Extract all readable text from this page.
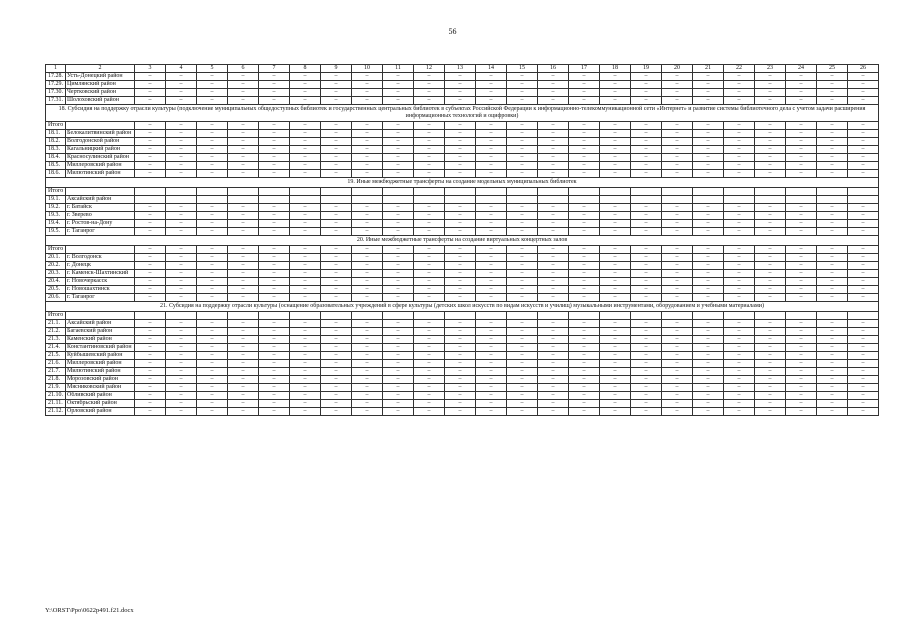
56
1	2	3	4	5	6	7	8	9	10	11	12	13	14	15	16	17	18	19	20	21	22	23	24	25	26
17.28.	Усть-Донецкий район	–	–	–	–	–	–	–	–	–	–	–	–	–	–	–	–	–	–	–	–	–	–	–	–
17.29.	Цимлянский район	–	–	–	–	–	–	–	–	–	–	–	–	–	–	–	–	–	–	–	–	–	–	–	–
17.30.	Чертковский район	–	–	–	–	–	–	–	–	–	–	–	–	–	–	–	–	–	–	–	–	–	–	–	–
17.31.	Шолоховский район	–	–	–	–	–	–	–	–	–	–	–	–	–	–	–	–	–	–	–	–	–	–	–	–
18. Субсидия на поддержку отрасли культуры (подключение муниципальных общедоступных библиотек и государственных центральных библиотек в субъектах Российской Федерации к информационно-телекоммуникационной сети «Интернет» и развитие системы библиотечного дела с учетом задачи расширения информационных технологий и оцифровки)																									
Итого		–	–	–	–	–	–	–	–	–	–	–	–	–	–	–	–	–	–	–	–	–	–	–	–
18.1.	Белокалитвинский район	–	–	–	–	–	–	–	–	–	–	–	–	–	–	–	–	–	–	–	–	–	–	–	–
18.2.	Волгодонской район	–	–	–	–	–	–	–	–	–	–	–	–	–	–	–	–	–	–	–	–	–	–	–	–
18.3.	Кагальницкий район	–	–	–	–	–	–	–	–	–	–	–	–	–	–	–	–	–	–	–	–	–	–	–	–
18.4.	Красносулинский район	–	–	–	–	–	–	–	–	–	–	–	–	–	–	–	–	–	–	–	–	–	–	–	–
18.5.	Миллеровский район	–	–	–	–	–	–	–	–	–	–	–	–	–	–	–	–	–	–	–	–	–	–	–	–
18.6.	Милютинский район	–	–	–	–	–	–	–	–	–	–	–	–	–	–	–	–	–	–	–	–	–	–	–	–
19. Иные межбюджетные трансферты на создание модельных муниципальных библиотек																									
Итого																									
19.1.	Аксайский район																								
19.2.	г. Батайск	–	–	–	–	–	–	–	–	–	–	–	–	–	–	–	–	–	–	–	–	–	–	–	–
19.3.	г. Зверево	–	–	–	–	–	–	–	–	–	–	–	–	–	–	–	–	–	–	–	–	–	–	–	–
19.4.	г. Ростов-на-Дону	–	–	–	–	–	–	–	–	–	–	–	–	–	–	–	–	–	–	–	–	–	–	–	–
19.5.	г. Таганрог	–	–	–	–	–	–	–	–	–	–	–	–	–	–	–	–	–	–	–	–	–	–	–	–
20. Иные межбюджетные трансферты на создание виртуальных концертных залов																									
Итого		–	–	–	–	–	–	–	–	–	–	–	–	–	–	–	–	–	–	–	–	–	–	–	–
20.1.	г. Волгодонск	–	–	–	–	–	–	–	–	–	–	–	–	–	–	–	–	–	–	–	–	–	–	–	–
20.2.	г. Донецк	–	–	–	–	–	–	–	–	–	–	–	–	–	–	–	–	–	–	–	–	–	–	–	–
20.3.	г. Каменск-Шахтинский	–	–	–	–	–	–	–	–	–	–	–	–	–	–	–	–	–	–	–	–	–	–	–	–
20.4.	г. Новочеркасск	–	–	–	–	–	–	–	–	–	–	–	–	–	–	–	–	–	–	–	–	–	–	–	–
20.5.	г. Новошахтинск	–	–	–	–	–	–	–	–	–	–	–	–	–	–	–	–	–	–	–	–	–	–	–	–
20.6.	г. Таганрог	–	–	–	–	–	–	–	–	–	–	–	–	–	–	–	–	–	–	–	–	–	–	–	–
21. Субсидия на поддержку отрасли культуры (оснащение образовательных учреждений в сфере культуры (детских школ искусств по видам искусств и училищ) музыкальными инструментами, оборудованием и учебными материалами)																									
Итого																									
21.1.	Аксайский район	–	–	–	–	–	–	–	–	–	–	–	–	–	–	–	–	–	–	–	–	–	–	–	–
21.2.	Багаевский район	–	–	–	–	–	–	–	–	–	–	–	–	–	–	–	–	–	–	–	–	–	–	–	–
21.3.	Каменский район	–	–	–	–	–	–	–	–	–	–	–	–	–	–	–	–	–	–	–	–	–	–	–	–
21.4.	Константиновский район	–	–	–	–	–	–	–	–	–	–	–	–	–	–	–	–	–	–	–	–	–	–	–	–
21.5.	Куйбышевский район	–	–	–	–	–	–	–	–	–	–	–	–	–	–	–	–	–	–	–	–	–	–	–	–
21.6.	Миллеровский район	–	–	–	–	–	–	–	–	–	–	–	–	–	–	–	–	–	–	–	–	–	–	–	–
21.7.	Милютинский район	–	–	–	–	–	–	–	–	–	–	–	–	–	–	–	–	–	–	–	–	–	–	–	–
21.8.	Морозовский район	–	–	–	–	–	–	–	–	–	–	–	–	–	–	–	–	–	–	–	–	–	–	–	–
21.9.	Мясниковский район	–	–	–	–	–	–	–	–	–	–	–	–	–	–	–	–	–	–	–	–	–	–	–	–
21.10.	Обливский район	–	–	–	–	–	–	–	–	–	–	–	–	–	–	–	–	–	–	–	–	–	–	–	–
21.11.	Октябрьский район	–	–	–	–	–	–	–	–	–	–	–	–	–	–	–	–	–	–	–	–	–	–	–	–
21.12.	Орловский район	–	–	–	–	–	–	–	–	–	–	–	–	–	–	–	–	–	–	–	–	–	–	–	–
Y:\ORST\Ppo\0622p491.f21.docx
